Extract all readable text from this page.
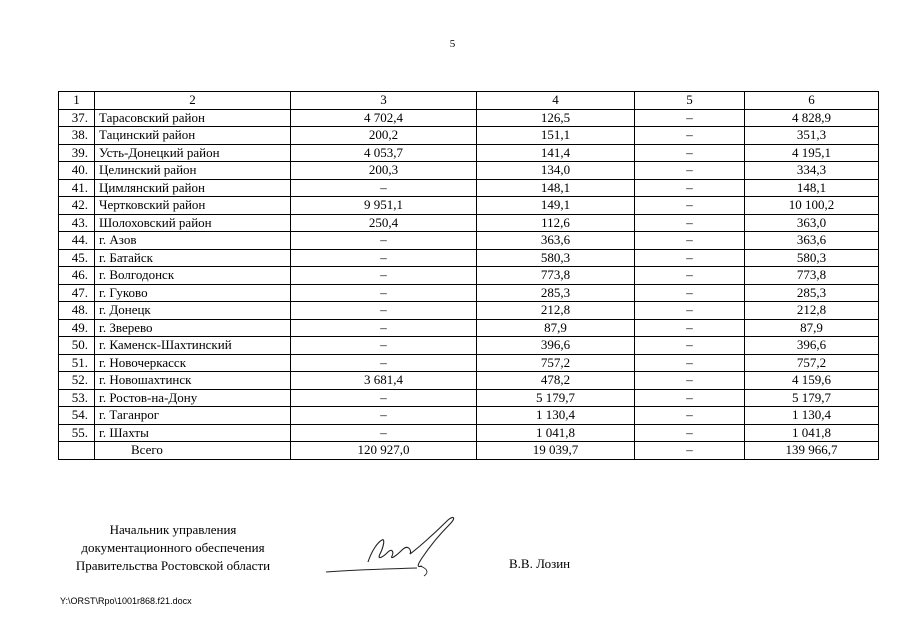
5
1	2	3	4	5	6
37.	Тарасовский район	4 702,4	126,5	–	4 828,9
38.	Тацинский район	200,2	151,1	–	351,3
39.	Усть-Донецкий район	4 053,7	141,4	–	4 195,1
40.	Целинский район	200,3	134,0	–	334,3
41.	Цимлянский район	–	148,1	–	148,1
42.	Чертковский район	9 951,1	149,1	–	10 100,2
43.	Шолоховский район	250,4	112,6	–	363,0
44.	г. Азов	–	363,6	–	363,6
45.	г. Батайск	–	580,3	–	580,3
46.	г. Волгодонск	–	773,8	–	773,8
47.	г. Гуково	–	285,3	–	285,3
48.	г. Донецк	–	212,8	–	212,8
49.	г. Зверево	–	87,9	–	87,9
50.	г. Каменск-Шахтинский	–	396,6	–	396,6
51.	г. Новочеркасск	–	757,2	–	757,2
52.	г. Новошахтинск	3 681,4	478,2	–	4 159,6
53.	г. Ростов-на-Дону	–	5 179,7	–	5 179,7
54.	г. Таганрог	–	1 130,4	–	1 130,4
55.	г. Шахты	–	1 041,8	–	1 041,8
	Всего	120 927,0	19 039,7	–	139 966,7
Начальник управления
документационного обеспечения
Правительства Ростовской области	В.В. Лозин
Y:\ORST\Rpo\1001r868.f21.docx
